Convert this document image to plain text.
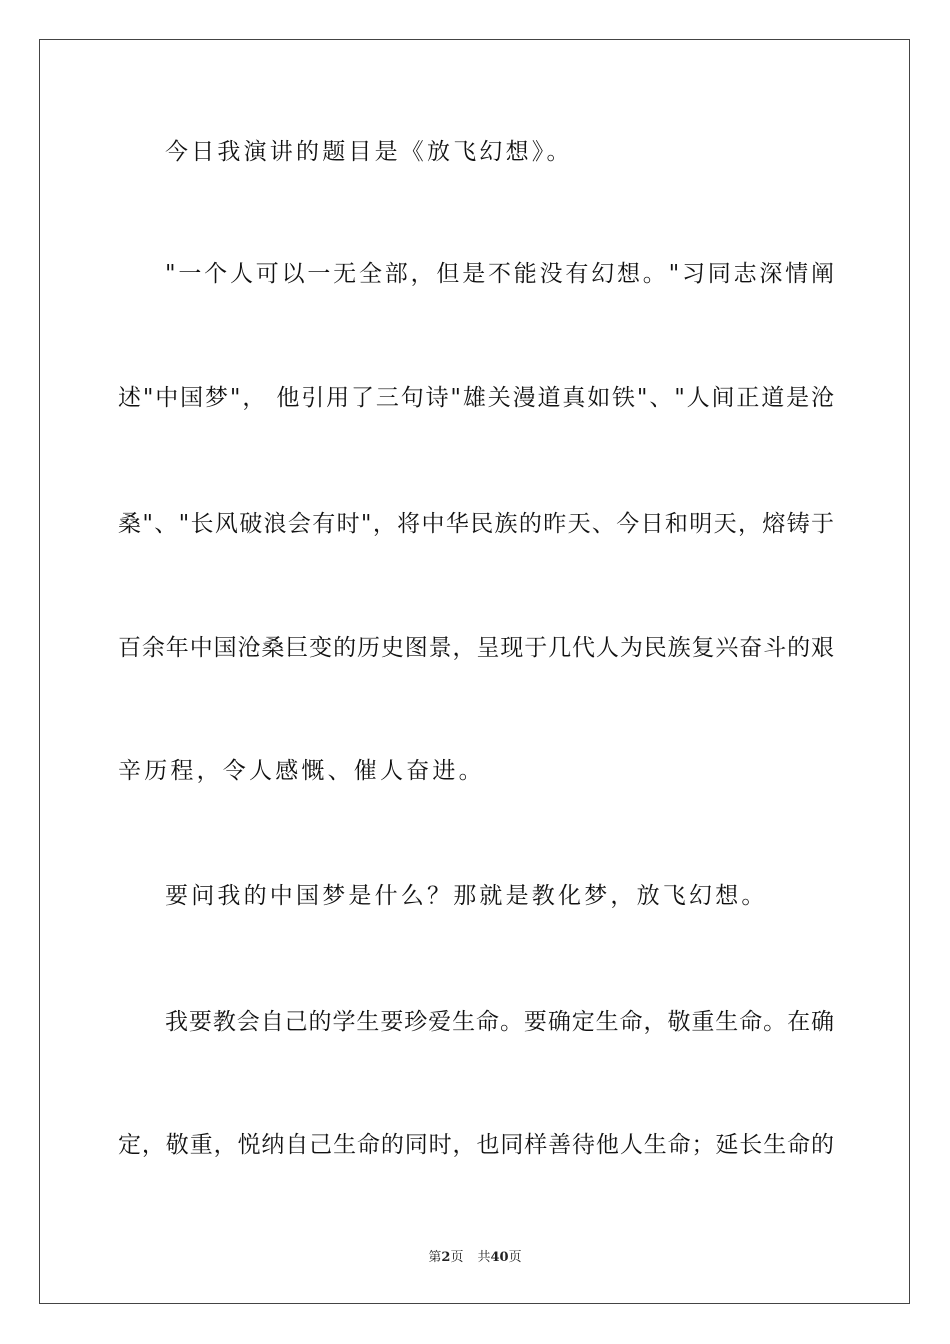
今日我演讲的题目是《放飞幻想》。

"一个人可以一无全部，但是不能没有幻想。"习同志深情阐

述"中国梦"， 他引用了三句诗"雄关漫道真如铁"、"人间正道是沧

桑"、"长风破浪会有时"，将中华民族的昨天、今日和明天，熔铸于

百余年中国沧桑巨变的历史图景，呈现于几代人为民族复兴奋斗的艰

辛历程，令人感慨、催人奋进。

要问我的中国梦是什么？那就是教化梦，放飞幻想。

我要教会自己的学生要珍爱生命。要确定生命，敬重生命。在确

定，敬重，悦纳自己生命的同时，也同样善待他人生命；延长生命的

第2页 共40页
